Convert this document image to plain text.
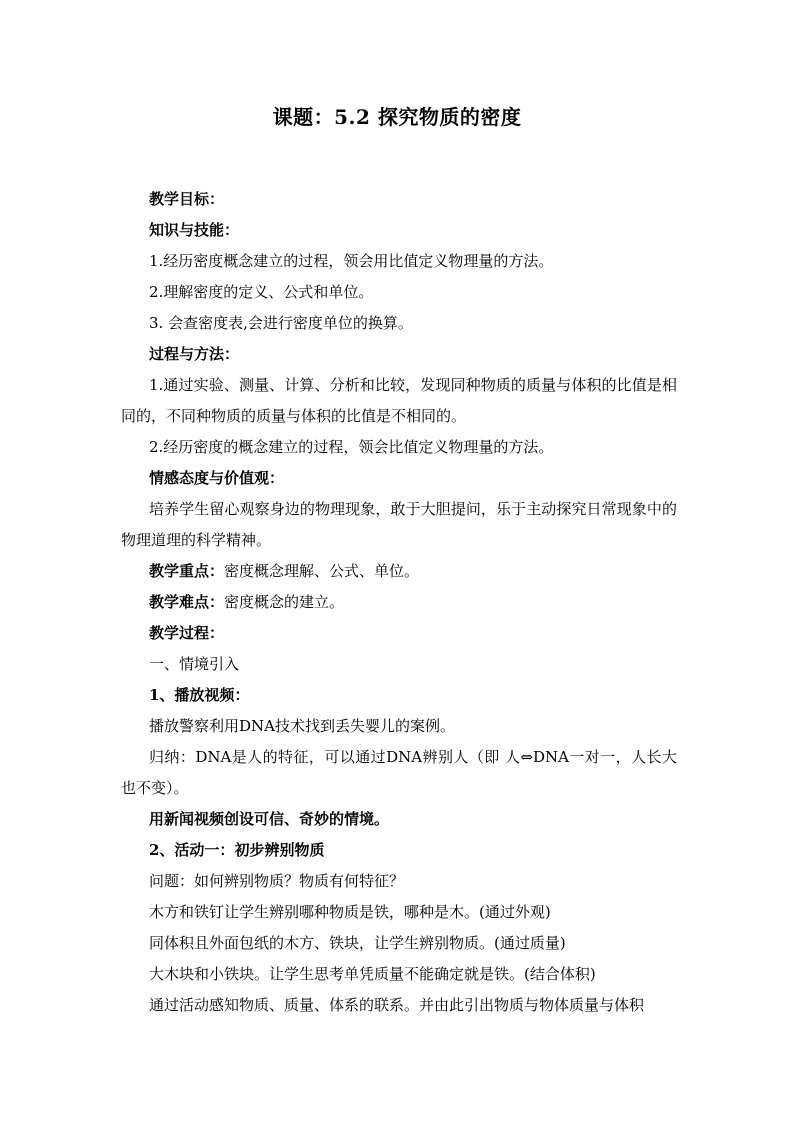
课题：5.2 探究物质的密度
教学目标：
知识与技能：
1.经历密度概念建立的过程，领会用比值定义物理量的方法。
2.理解密度的定义、公式和单位。
3. 会查密度表,会进行密度单位的换算。
过程与方法：
1.通过实验、测量、计算、分析和比较，发现同种物质的质量与体积的比值是相同的，不同种物质的质量与体积的比值是不相同的。
2.经历密度的概念建立的过程，领会比值定义物理量的方法。
情感态度与价值观：
培养学生留心观察身边的物理现象，敢于大胆提问，乐于主动探究日常现象中的物理道理的科学精神。
教学重点：密度概念理解、公式、单位。
教学难点：密度概念的建立。
教学过程：
一、情境引入
1、播放视频：
播放警察利用DNA技术找到丢失婴儿的案例。
归纳：DNA是人的特征，可以通过DNA辨别人（即 人⇔DNA一对一，人长大也不变）。
用新闻视频创设可信、奇妙的情境。
2、活动一：初步辨别物质
问题：如何辨别物质？物质有何特征？
木方和铁钉让学生辨别哪种物质是铁，哪种是木。(通过外观)
同体积且外面包纸的木方、铁块，让学生辨别物质。(通过质量)
大木块和小铁块。让学生思考单凭质量不能确定就是铁。(结合体积)
通过活动感知物质、质量、体系的联系。并由此引出物质与物体质量与体积
